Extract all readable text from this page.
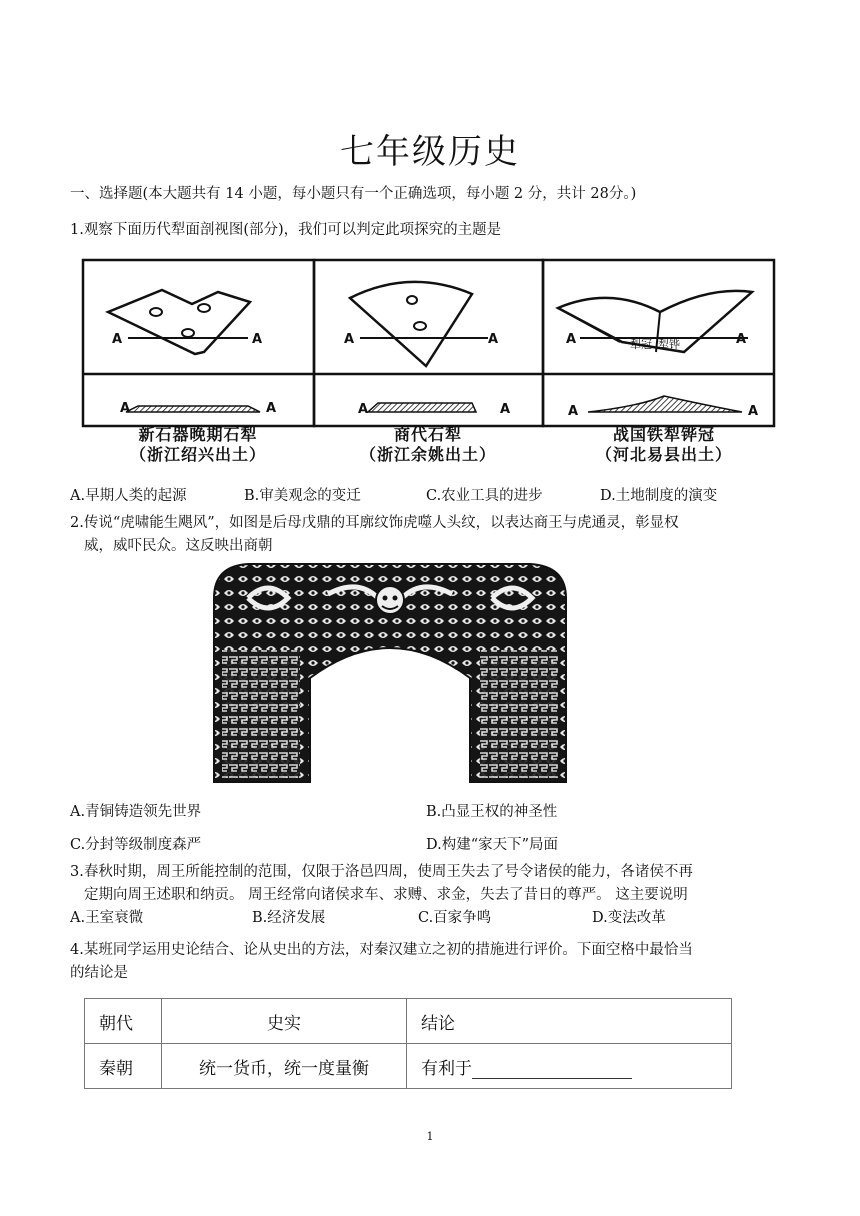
七年级历史
一、选择题(本大题共有 14 小题，每小题只有一个正确选项，每小题 2 分，共计 28分。)
1.观察下面历代犁面剖视图(部分)，我们可以判定此项探究的主题是
A	A
A	A
A	A
A	A
A	A
A	A
犁冠 犁铧
新石器晚期石犁
（浙江绍兴出土）
商代石犁
（浙江余姚出土）
战国铁犁铧冠
（河北易县出土）
A.早期人类的起源	B.审美观念的变迁	C.农业工具的进步	D.土地制度的演变
2.传说“虎啸能生飓风”，如图是后母戊鼎的耳廓纹饰虎噬人头纹，以表达商王与虎通灵，彰显权
威，威吓民众。这反映出商朝
A.青铜铸造领先世界	B.凸显王权的神圣性
C.分封等级制度森严	D.构建“家天下”局面
3.春秋时期，周王所能控制的范围，仅限于洛邑四周，使周王失去了号令诸侯的能力，各诸侯不再
定期向周王述职和纳贡。 周王经常向诸侯求车、求赙、求金，失去了昔日的尊严。 这主要说明
A.王室衰微	B.经济发展	C.百家争鸣	D.变法改革
4.某班同学运用史论结合、论从史出的方法，对秦汉建立之初的措施进行评价。下面空格中最恰当
的结论是
朝代	史实	结论
秦朝	统一货币，统一度量衡	有利于
1
